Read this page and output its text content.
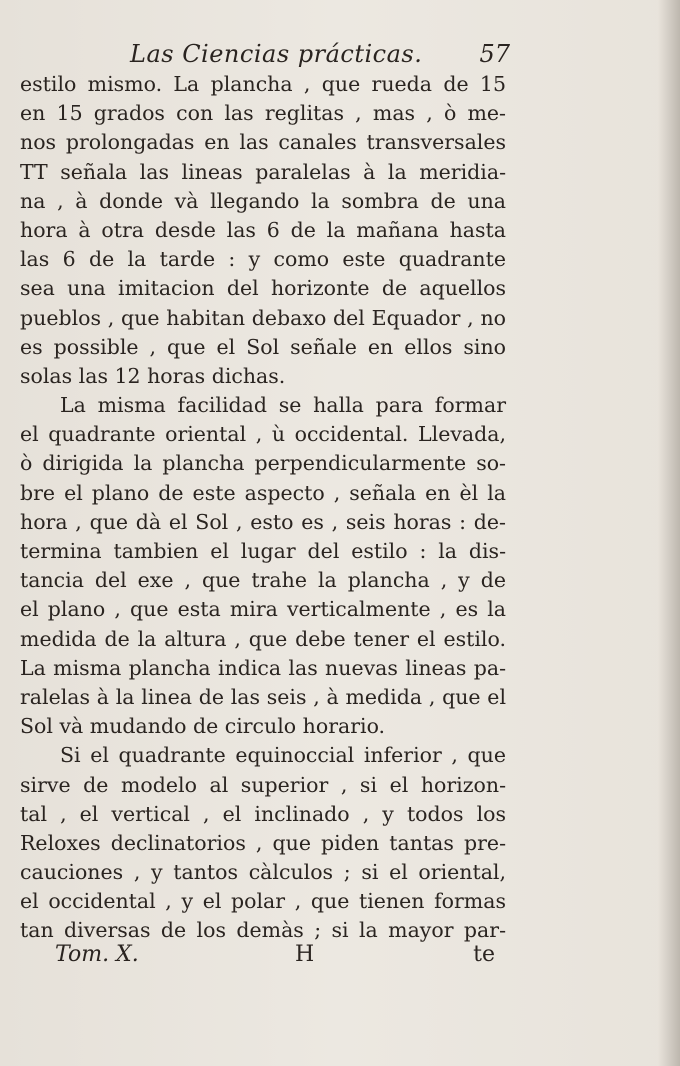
Las Ciencias prácticas. 57
estilo mismo. La plancha , que rueda de 15
en 15 grados con las reglitas , mas , ò me-
nos prolongadas en las canales transversales
TT señala las lineas paralelas à la meridia-
na , à donde và llegando la sombra de una
hora à otra desde las 6 de la mañana hasta
las 6 de la tarde : y como este quadrante
sea una imitacion del horizonte de aquellos
pueblos , que habitan debaxo del Equador , no
es possible , que el Sol señale en ellos sino
solas las 12 horas dichas.
La misma facilidad se halla para formar
el quadrante oriental , ù occidental. Llevada,
ò dirigida la plancha perpendicularmente so-
bre el plano de este aspecto , señala en èl la
hora , que dà el Sol , esto es , seis horas : de-
termina tambien el lugar del estilo : la dis-
tancia del exe , que trahe la plancha , y de
el plano , que esta mira verticalmente , es la
medida de la altura , que debe tener el estilo.
La misma plancha indica las nuevas lineas pa-
ralelas à la linea de las seis , à medida , que el
Sol và mudando de circulo horario.
Si el quadrante equinoccial inferior , que
sirve de modelo al superior , si el horizon-
tal , el vertical , el inclinado , y todos los
Reloxes declinatorios , que piden tantas pre-
cauciones , y tantos càlculos ; si el oriental,
el occidental , y el polar , que tienen formas
tan diversas de los demàs ; si la mayor par-
Tom. X.	H	te
